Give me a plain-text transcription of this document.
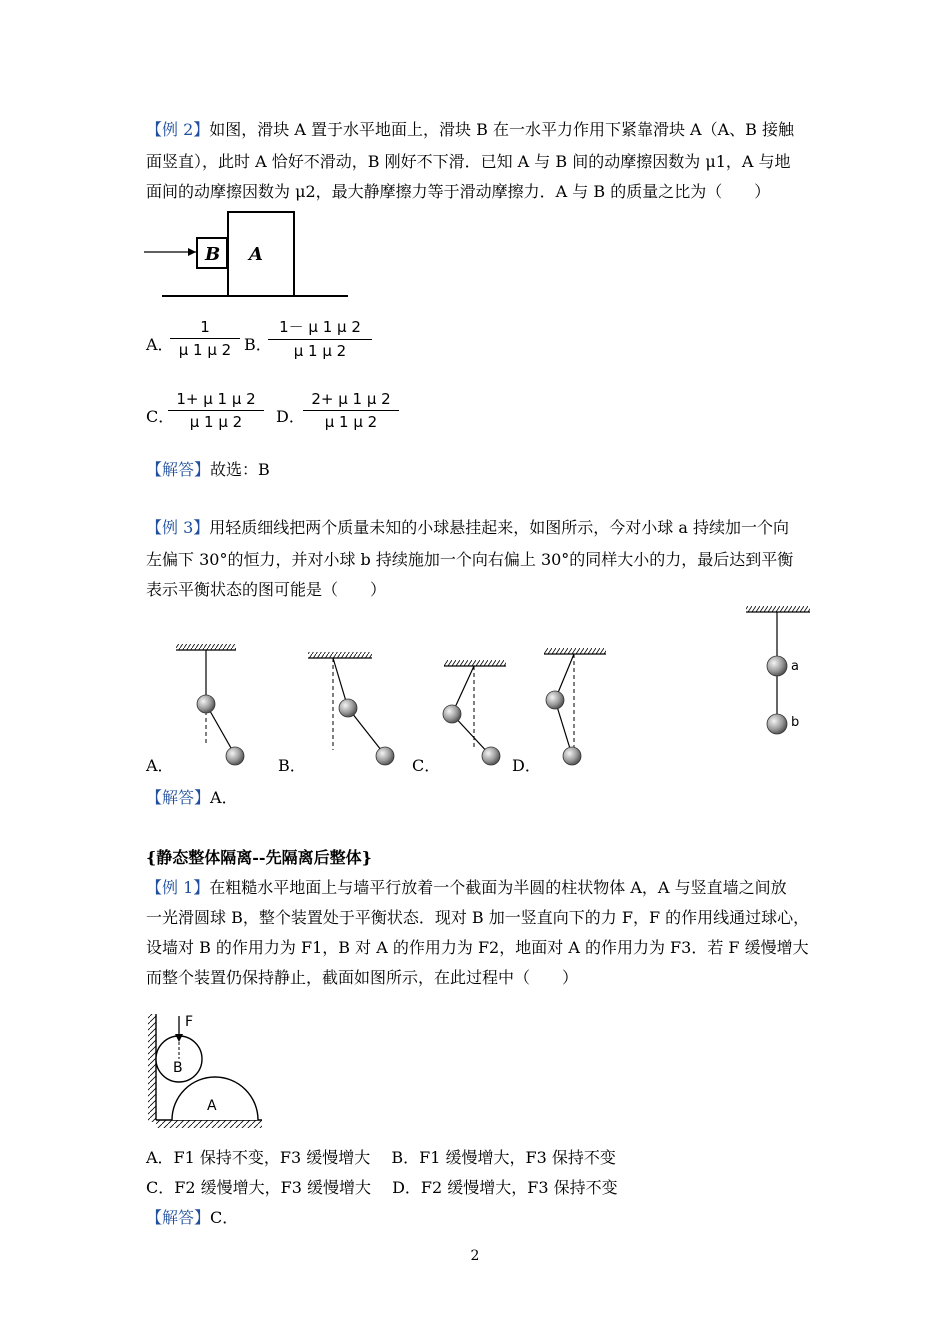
【例 2】如图，滑块 A 置于水平地面上，滑块 B 在一水平力作用下紧靠滑块 A（A、B 接触
面竖直），此时 A 恰好不滑动，B 刚好不下滑．已知 A 与 B 间的动摩擦因数为 μ1，A 与地
面间的动摩擦因数为 μ2，最大静摩擦力等于滑动摩擦力．A 与 B 的质量之比为（　　）
B A
A．
$\frac{1}{\mu 1 \mu 2}$ B．
$\frac{1- \mu 1 \mu 2}{\mu 1 \mu 2}$
C．
$\frac{1+ \mu 1 \mu 2}{\mu 1 \mu 2}$ D．
$\frac{2+ \mu 1 \mu 2}{\mu 1 \mu 2}$
【解答】故选：B
【例 3】用轻质细线把两个质量未知的小球悬挂起来，如图所示，今对小球 a 持续加一个向
左偏下 30°的恒力，并对小球 b 持续施加一个向右偏上 30°的同样大小的力，最后达到平衡
表示平衡状态的图可能是（　　）
a
b
A．	B．	C．	D．
【解答】A．
{静态整体隔离--先隔离后整体}
【例 1】在粗糙水平地面上与墙平行放着一个截面为半圆的柱状物体 A，A 与竖直墙之间放
一光滑圆球 B，整个装置处于平衡状态．现对 B 加一竖直向下的力 F，F 的作用线通过球心，
设墙对 B 的作用力为 F1，B 对 A 的作用力为 F2，地面对 A 的作用力为 F3．若 F 缓慢增大
而整个装置仍保持静止，截面如图所示，在此过程中（　　）
F
B
A
A．F1 保持不变，F3 缓慢增大　 B．F1 缓慢增大，F3 保持不变
C．F2 缓慢增大，F3 缓慢增大　 D．F2 缓慢增大，F3 保持不变
【解答】C．
2
